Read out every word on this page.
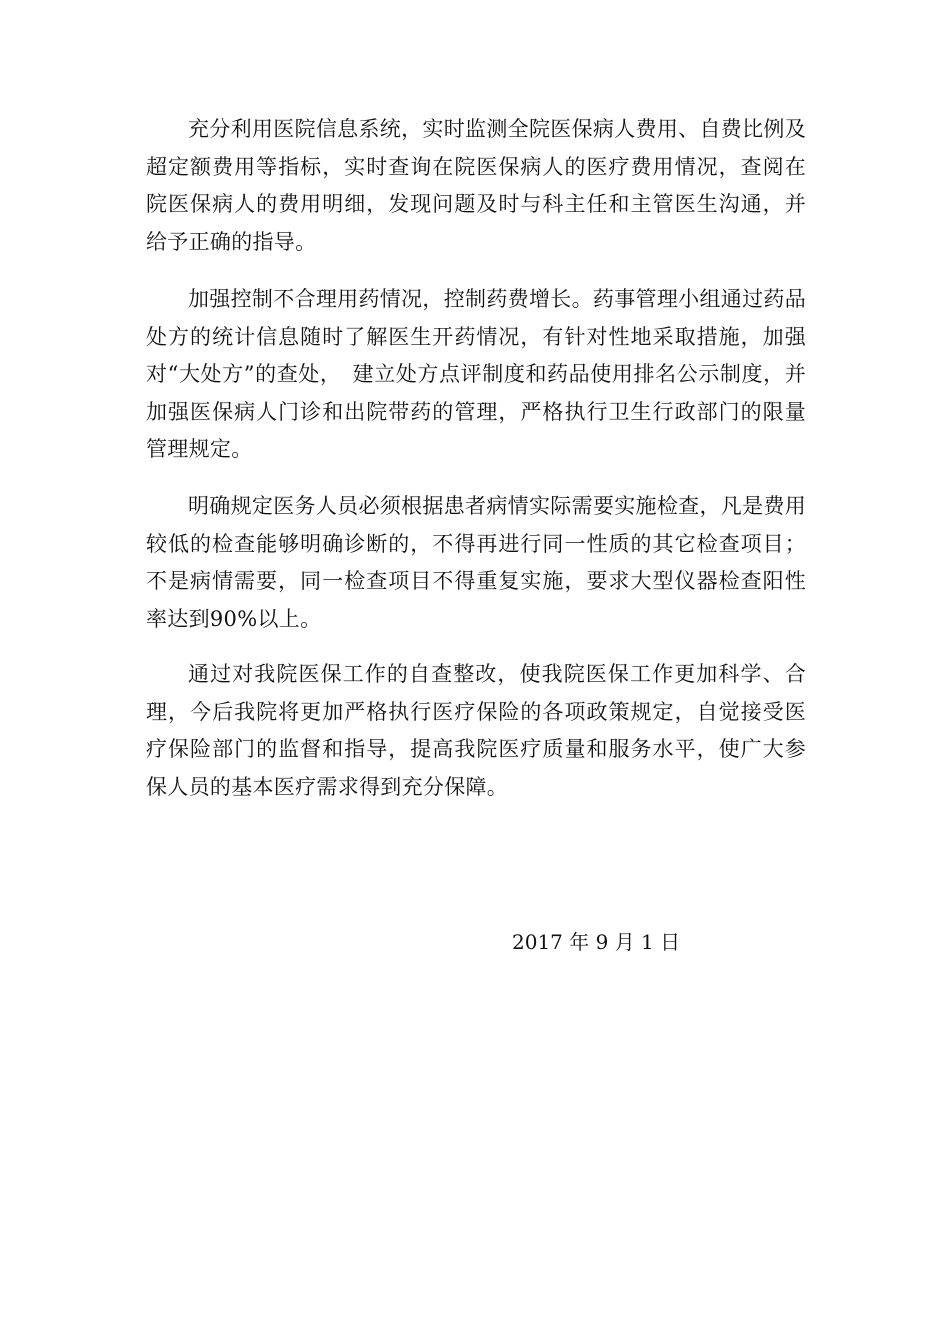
充分利用医院信息系统，实时监测全院医保病人费用、自费比例及超定额费用等指标，实时查询在院医保病人的医疗费用情况，查阅在院医保病人的费用明细，发现问题及时与科主任和主管医生沟通，并给予正确的指导。

加强控制不合理用药情况，控制药费增长。药事管理小组通过药品处方的统计信息随时了解医生开药情况，有针对性地采取措施，加强对“大处方”的查处，　建立处方点评制度和药品使用排名公示制度，并加强医保病人门诊和出院带药的管理，严格执行卫生行政部门的限量管理规定。

明确规定医务人员必须根据患者病情实际需要实施检查，凡是费用较低的检查能够明确诊断的，不得再进行同一性质的其它检查项目；不是病情需要，同一检查项目不得重复实施，要求大型仪器检查阳性率达到90%以上。

通过对我院医保工作的自查整改，使我院医保工作更加科学、合理，今后我院将更加严格执行医疗保险的各项政策规定，自觉接受医疗保险部门的监督和指导，提高我院医疗质量和服务水平，使广大参保人员的基本医疗需求得到充分保障。

2017 年 9 月 1 日
